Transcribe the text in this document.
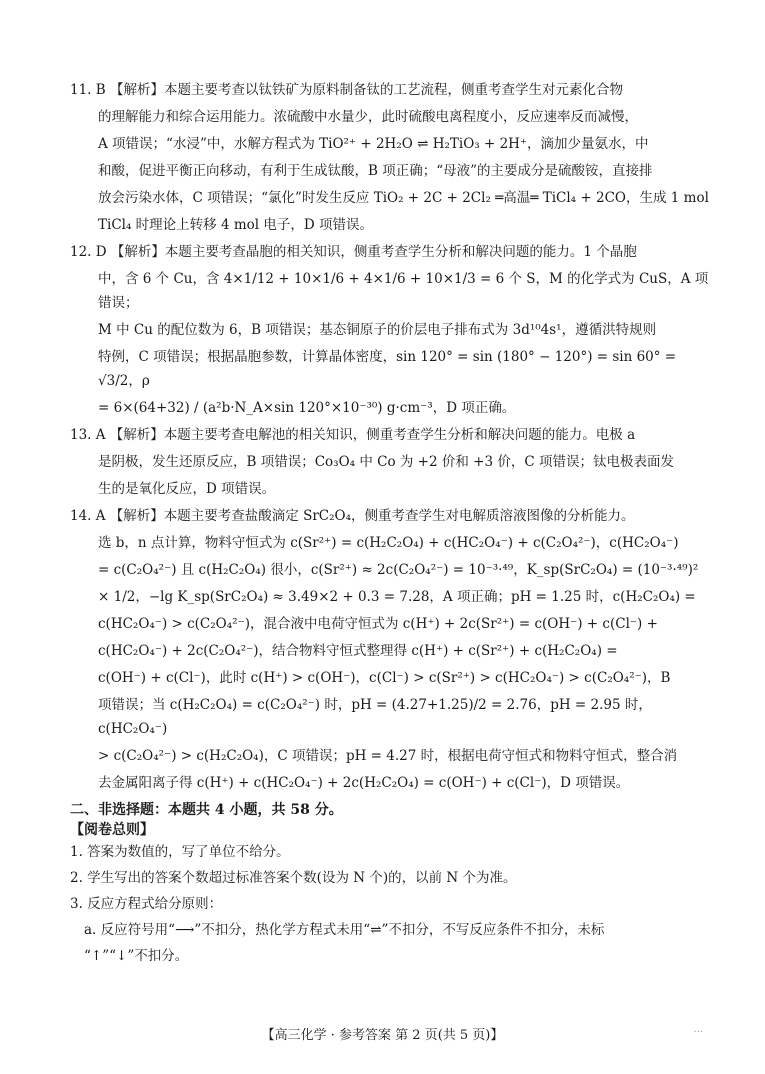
11. B 【解析】本题主要考查以钛铁矿为原料制备钛的工艺流程，侧重考查学生对元素化合物
的理解能力和综合运用能力。浓硫酸中水量少，此时硫酸电离程度小，反应速率反而减慢，
A 项错误；“水浸”中，水解方程式为 TiO²⁺ + 2H₂O ⇌ H₂TiO₃ + 2H⁺，滴加少量氨水，中
和酸，促进平衡正向移动，有利于生成钛酸，B 项正确；“母液”的主要成分是硫酸铵，直接排
放会污染水体，C 项错误；“氯化”时发生反应 TiO₂ + 2C + 2Cl₂ ═高温═ TiCl₄ + 2CO，生成 1 mol
TiCl₄ 时理论上转移 4 mol 电子，D 项错误。
12. D 【解析】本题主要考查晶胞的相关知识，侧重考查学生分析和解决问题的能力。1 个晶胞
中，含 6 个 Cu，含 4×1/12 + 10×1/6 + 4×1/6 + 10×1/3 = 6 个 S，M 的化学式为 CuS，A 项错误；
M 中 Cu 的配位数为 6，B 项错误；基态铜原子的价层电子排布式为 3d¹⁰4s¹，遵循洪特规则
特例，C 项错误；根据晶胞参数，计算晶体密度，sin 120° = sin (180° − 120°) = sin 60° = √3/2，ρ
= 6×(64+32) / (a²b·N_A×sin 120°×10⁻³⁰) g·cm⁻³，D 项正确。
13. A 【解析】本题主要考查电解池的相关知识，侧重考查学生分析和解决问题的能力。电极 a
是阴极，发生还原反应，B 项错误；Co₃O₄ 中 Co 为 +2 价和 +3 价，C 项错误；钛电极表面发
生的是氧化反应，D 项错误。
14. A 【解析】本题主要考查盐酸滴定 SrC₂O₄，侧重考查学生对电解质溶液图像的分析能力。
选 b，n 点计算，物料守恒式为 c(Sr²⁺) = c(H₂C₂O₄) + c(HC₂O₄⁻) + c(C₂O₄²⁻)，c(HC₂O₄⁻)
= c(C₂O₄²⁻) 且 c(H₂C₂O₄) 很小，c(Sr²⁺) ≈ 2c(C₂O₄²⁻) = 10⁻³·⁴⁹，K_sp(SrC₂O₄) = (10⁻³·⁴⁹)²
× 1/2，−lg K_sp(SrC₂O₄) ≈ 3.49×2 + 0.3 = 7.28，A 项正确；pH = 1.25 时，c(H₂C₂O₄) =
c(HC₂O₄⁻) > c(C₂O₄²⁻)，混合液中电荷守恒式为 c(H⁺) + 2c(Sr²⁺) = c(OH⁻) + c(Cl⁻) +
c(HC₂O₄⁻) + 2c(C₂O₄²⁻)，结合物料守恒式整理得 c(H⁺) + c(Sr²⁺) + c(H₂C₂O₄) =
c(OH⁻) + c(Cl⁻)，此时 c(H⁺) > c(OH⁻)，c(Cl⁻) > c(Sr²⁺) > c(HC₂O₄⁻) > c(C₂O₄²⁻)，B
项错误；当 c(H₂C₂O₄) = c(C₂O₄²⁻) 时，pH = (4.27+1.25)/2 = 2.76，pH = 2.95 时，c(HC₂O₄⁻)
> c(C₂O₄²⁻) > c(H₂C₂O₄)，C 项错误；pH = 4.27 时，根据电荷守恒式和物料守恒式，整合消
去金属阳离子得 c(H⁺) + c(HC₂O₄⁻) + 2c(H₂C₂O₄) = c(OH⁻) + c(Cl⁻)，D 项错误。
二、非选择题：本题共 4 小题，共 58 分。
【阅卷总则】
1. 答案为数值的，写了单位不给分。
2. 学生写出的答案个数超过标准答案个数(设为 N 个)的，以前 N 个为准。
3. 反应方程式给分原则：
a. 反应符号用“⟶”不扣分，热化学方程式未用“⇌”不扣分，不写反应条件不扣分，未标
“↑”“↓”不扣分。
【高三化学 · 参考答案 第 2 页(共 5 页)】	...
